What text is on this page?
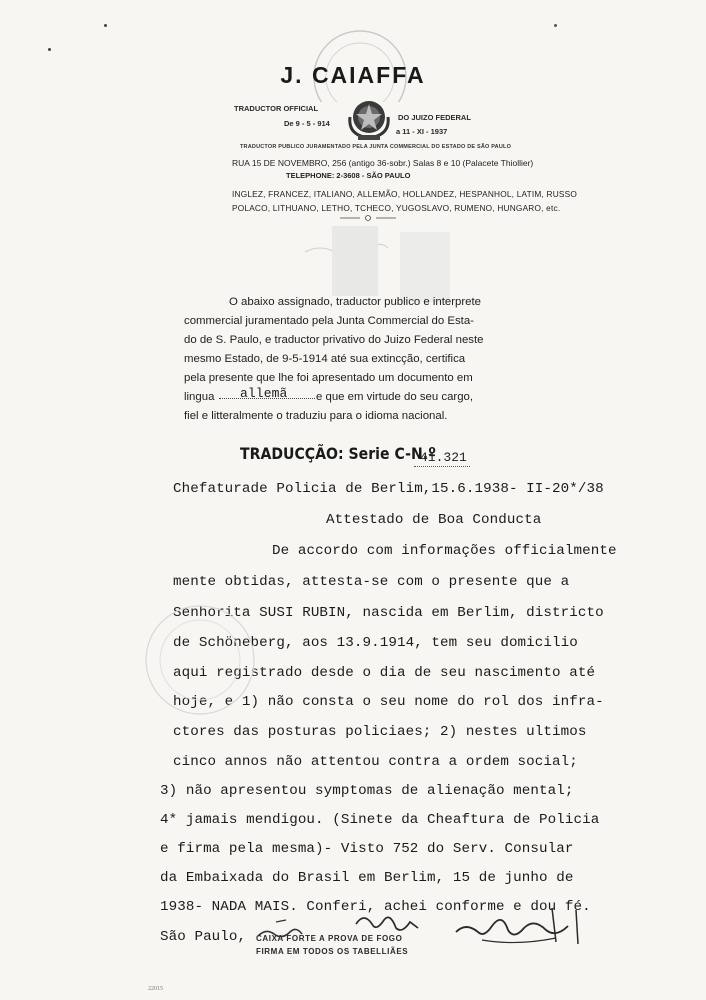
J. CAIAFFA
TRADUCTOR OFFICIAL
De 9 - 5 - 914
DO JUIZO FEDERAL
a 11 - XI - 1937
TRADUCTOR PUBLICO JURAMENTADO PELA JUNTA COMMERCIAL DO ESTADO DE SÃO PAULO
RUA 15 DE NOVEMBRO, 256 (antigo 36-sobr.) Salas 8 e 10 (Palacete Thiollier)
TELEPHONE: 2-3608 - SÃO PAULO
INGLEZ, FRANCEZ, ITALIANO, ALLEMÃO, HOLLANDEZ, HESPANHOL, LATIM, RUSSO
POLACO, LITHUANO, LETHO, TCHECO, YUGOSLAVO, RUMENO, HUNGARO, etc.
O abaixo assignado, traductor publico e interprete
commercial juramentado pela Junta Commercial do Esta-
do de S. Paulo, e traductor privativo do Juizo Federal neste
mesmo Estado, de 9-5-1914 até sua extincção, certifica
pela presente que lhe foi apresentado um documento em
lingua allemã	e que em virtude do seu cargo,
fiel e litteralmente o traduziu para o idioma nacional.
TRADUCÇÃO: Serie C-N.º
41.321
Chefaturade Policia de Berlim,15.6.1938- II-20*/38
Attestado de Boa Conducta
De accordo com informações officialmente
mente obtidas, attesta-se com o presente que a
Senhorita SUSI RUBIN, nascida em Berlim, districto
de Schöneberg, aos 13.9.1914, tem seu domicilio
aqui registrado desde o dia de seu nascimento até
hoje, e 1) não consta o seu nome do rol dos infra-
ctores das posturas policiaes; 2) nestes ultimos
cinco annos não attentou contra a ordem social;
3) não apresentou symptomas de alienação mental;
4* jamais mendigou. (Sinete da Cheaftura de Policia
e firma pela mesma)- Visto 752 do Serv. Consular
da Embaixada do Brasil em Berlim, 15 de junho de
1938- NADA MAIS. Conferi, achei conforme e dou fé.
São Paulo, CAIXA FORTE A PROVA DE FOGO
FIRMA EM TODOS OS TABELLIÃES
22015
